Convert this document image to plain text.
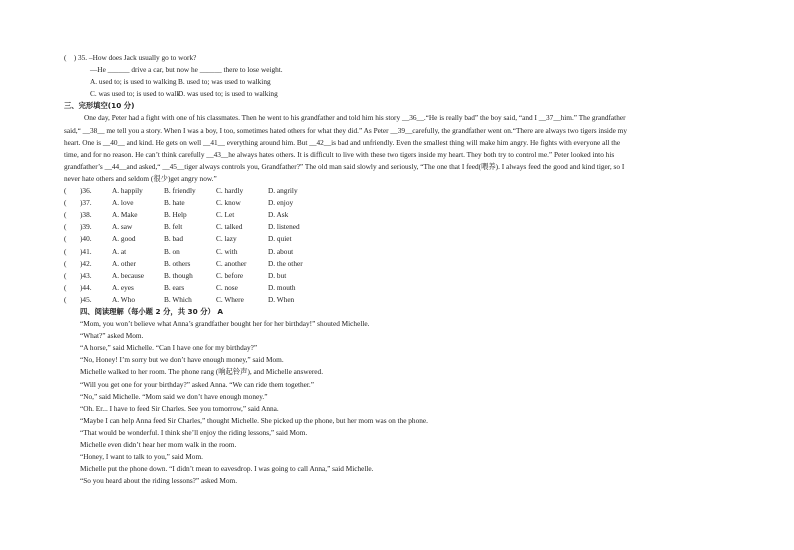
(    ) 35. –How does Jack usually go to work?
—He ______ drive a car, but now he ______ there to lose weight.
A. used to; is used to walkingB. used to; was used to walking
C. was used to; is used to walkD. was used to; is used to walking
三、完形填空(10 分)
One day, Peter had a fight with one of his classmates. Then he went to his grandfather and told him his story __36__.“He is really bad” the boy said, “and I __37__him.” The grandfather
said,“ __38__ me tell you a story. When I was a boy, I too, sometimes hated others for what they did.” As Peter __39__carefully, the grandfather went on.“There are always two tigers inside my
heart. One is __40__ and kind. He gets on well __41__ everything around him. But __42__is bad and unfriendly. Even the smallest thing will make him angry. He fights with everyone all the
time, and for no reason. He can’t think carefully __43__he always hates others. It is difficult to live with these two tigers inside my heart. They both try to control me.” Peter looked into his
grandfather’s __44__and asked,“ __45__tiger always controls you, Grandfather?” The old man said slowly and seriously, “The one that I feed(喂养). I always feed the good and kind tiger, so I
never hate others and seldom (很少)get angry now.”
( )36.	A. happily	B. friendly	C. hardly	D. angrily
( )37.	A. love	B. hate	C. know	D. enjoy
( )38.	A. Make	B. Help	C. Let	D. Ask
( )39.	A. saw	B. felt	C. talked	D. listened
( )40.	A. good	B. bad	C. lazy	D. quiet
( )41.	A. at	B. on	C. with	D. about
( )42.	A. other	B. others	C. another	D. the other
( )43.	A. because	B. though	C. before	D. but
( )44.	A. eyes	B. ears	C. nose	D. mouth
( )45.	A. Who	B. Which	C. Where	D. When
四、阅读理解（每小题 2 分，共 30 分） A
“Mom, you won’t believe what Anna’s grandfather bought her for her birthday!” shouted Michelle.
“What?” asked Mom.
“A horse,” said Michelle. “Can I have one for my birthday?”
“No, Honey! I’m sorry but we don’t have enough money,” said Mom.
Michelle walked to her room. The phone rang (响起铃声), and Michelle answered.
“Will you get one for your birthday?” asked Anna. “We can ride them together.”
“No,” said Michelle. “Mom said we don’t have enough money.”
“Oh. Er... I have to feed Sir Charles. See you tomorrow,” said Anna.
“Maybe I can help Anna feed Sir Charles,” thought Michelle. She picked up the phone, but her mom was on the phone.
“That would be wonderful. I think she’ll enjoy the riding lessons,” said Mom.
Michelle even didn’t hear her mom walk in the room.
“Honey, I want to talk to you,” said Mom.
Michelle put the phone down. “I didn’t mean to eavesdrop. I was going to call Anna,” said Michelle.
“So you heard about the riding lessons?” asked Mom.
